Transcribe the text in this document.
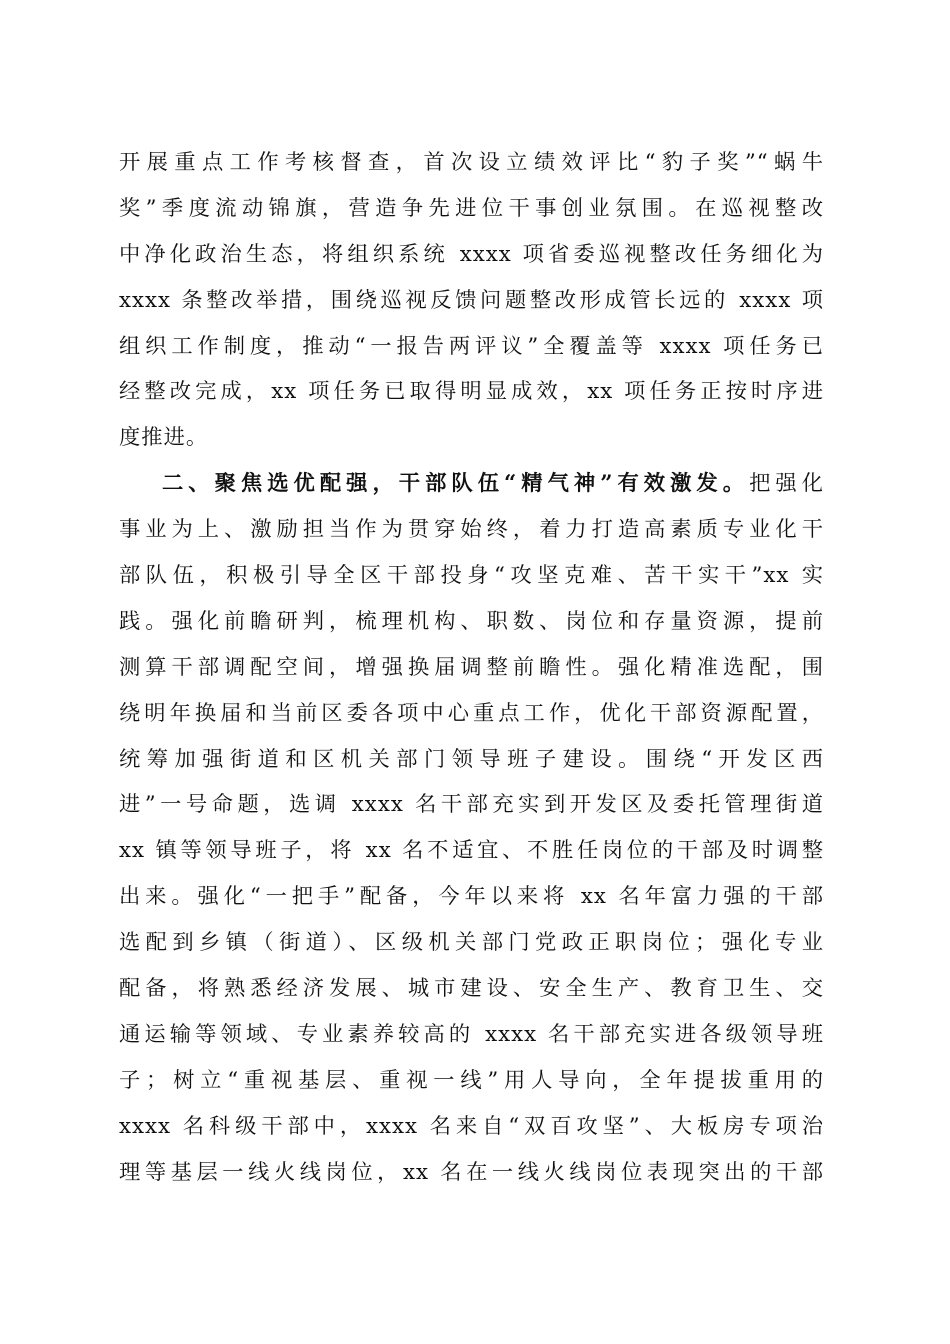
开展重点工作考核督查，首次设立绩效评比“豹子奖”“蜗牛
奖”季度流动锦旗，营造争先进位干事创业氛围。在巡视整改
中净化政治生态，将组织系统 xxxx 项省委巡视整改任务细化为
xxxx 条整改举措，围绕巡视反馈问题整改形成管长远的 xxxx 项
组织工作制度，推动“一报告两评议”全覆盖等 xxxx 项任务已
经整改完成，xx 项任务已取得明显成效，xx 项任务正按时序进
度推进。
二、聚焦选优配强，干部队伍“精气神”有效激发。把强化
事业为上、激励担当作为贯穿始终，着力打造高素质专业化干
部队伍，积极引导全区干部投身“攻坚克难、苦干实干”xx 实
践。强化前瞻研判，梳理机构、职数、岗位和存量资源，提前
测算干部调配空间，增强换届调整前瞻性。强化精准选配，围
绕明年换届和当前区委各项中心重点工作，优化干部资源配置，
统筹加强街道和区机关部门领导班子建设。围绕“开发区西
进”一号命题，选调 xxxx 名干部充实到开发区及委托管理街道
xx 镇等领导班子，将 xx 名不适宜、不胜任岗位的干部及时调整
出来。强化“一把手”配备，今年以来将 xx 名年富力强的干部
选配到乡镇（街道）、区级机关部门党政正职岗位；强化专业
配备，将熟悉经济发展、城市建设、安全生产、教育卫生、交
通运输等领域、专业素养较高的 xxxx 名干部充实进各级领导班
子；树立“重视基层、重视一线”用人导向，全年提拔重用的
xxxx 名科级干部中，xxxx 名来自“双百攻坚”、大板房专项治
理等基层一线火线岗位，xx 名在一线火线岗位表现突出的干部
